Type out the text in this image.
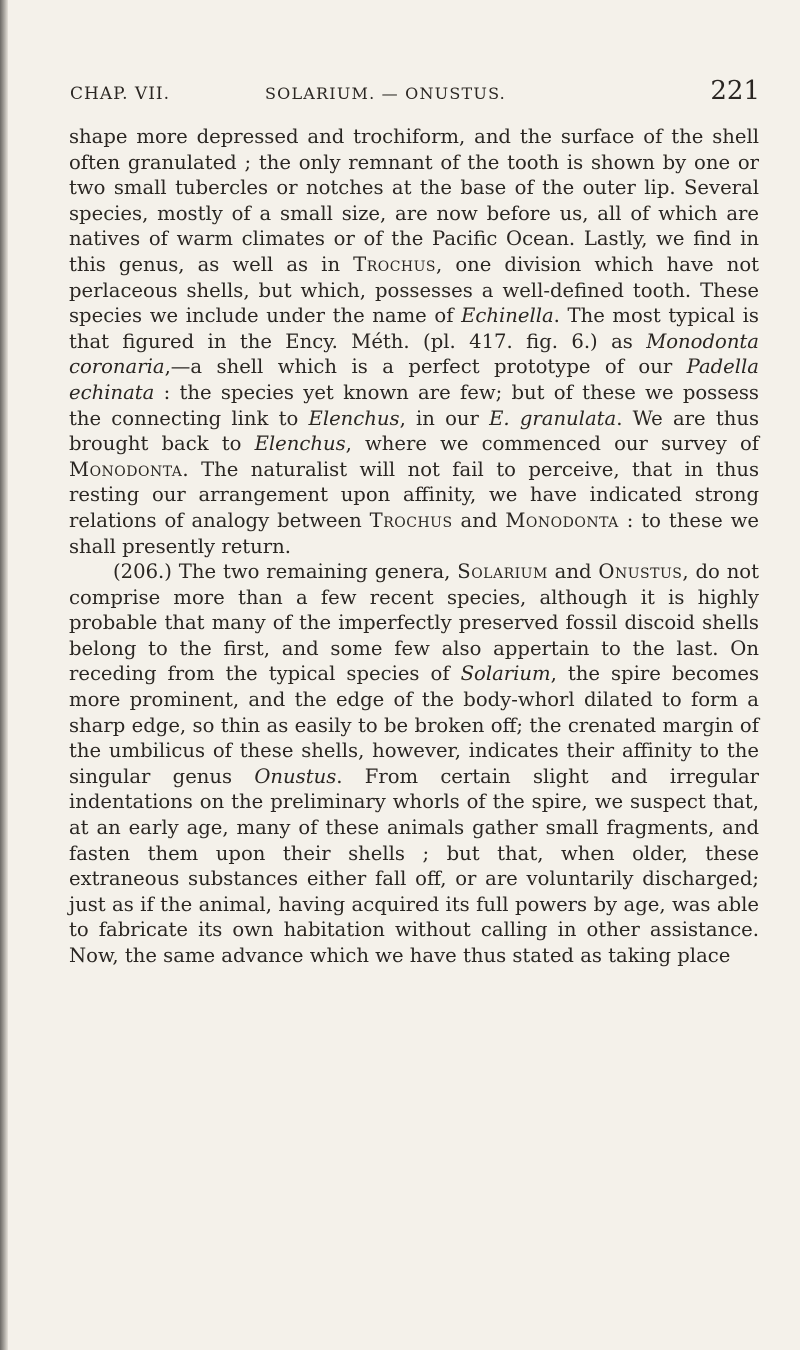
CHAP. VII.	SOLARIUM. — ONUSTUS.	221

shape more depressed and trochiform, and the surface of the shell often granulated ; the only remnant of the tooth is shown by one or two small tubercles or notches at the base of the outer lip. Several species, mostly of a small size, are now before us, all of which are natives of warm climates or of the Pacific Ocean. Lastly, we find in this genus, as well as in Trochus, one division which have not perlaceous shells, but which, possesses a well-defined tooth. These species we include under the name of Echinella. The most typical is that figured in the Ency. Méth. (pl. 417. fig. 6.) as Monodonta coronaria,—a shell which is a perfect prototype of our Padella echinata : the species yet known are few; but of these we possess the connecting link to Elenchus, in our E. granulata. We are thus brought back to Elenchus, where we commenced our survey of Monodonta. The naturalist will not fail to perceive, that in thus resting our arrangement upon affinity, we have indicated strong relations of analogy between Trochus and Monodonta : to these we shall presently return.

(206.) The two remaining genera, Solarium and Onustus, do not comprise more than a few recent species, although it is highly probable that many of the imperfectly preserved fossil discoid shells belong to the first, and some few also appertain to the last. On receding from the typical species of Solarium, the spire becomes more prominent, and the edge of the body-whorl dilated to form a sharp edge, so thin as easily to be broken off; the crenated margin of the umbilicus of these shells, however, indicates their affinity to the singular genus Onustus. From certain slight and irregular indentations on the preliminary whorls of the spire, we suspect that, at an early age, many of these animals gather small fragments, and fasten them upon their shells ; but that, when older, these extraneous substances either fall off, or are voluntarily discharged; just as if the animal, having acquired its full powers by age, was able to fabricate its own habitation without calling in other assistance. Now, the same advance which we have thus stated as taking place
